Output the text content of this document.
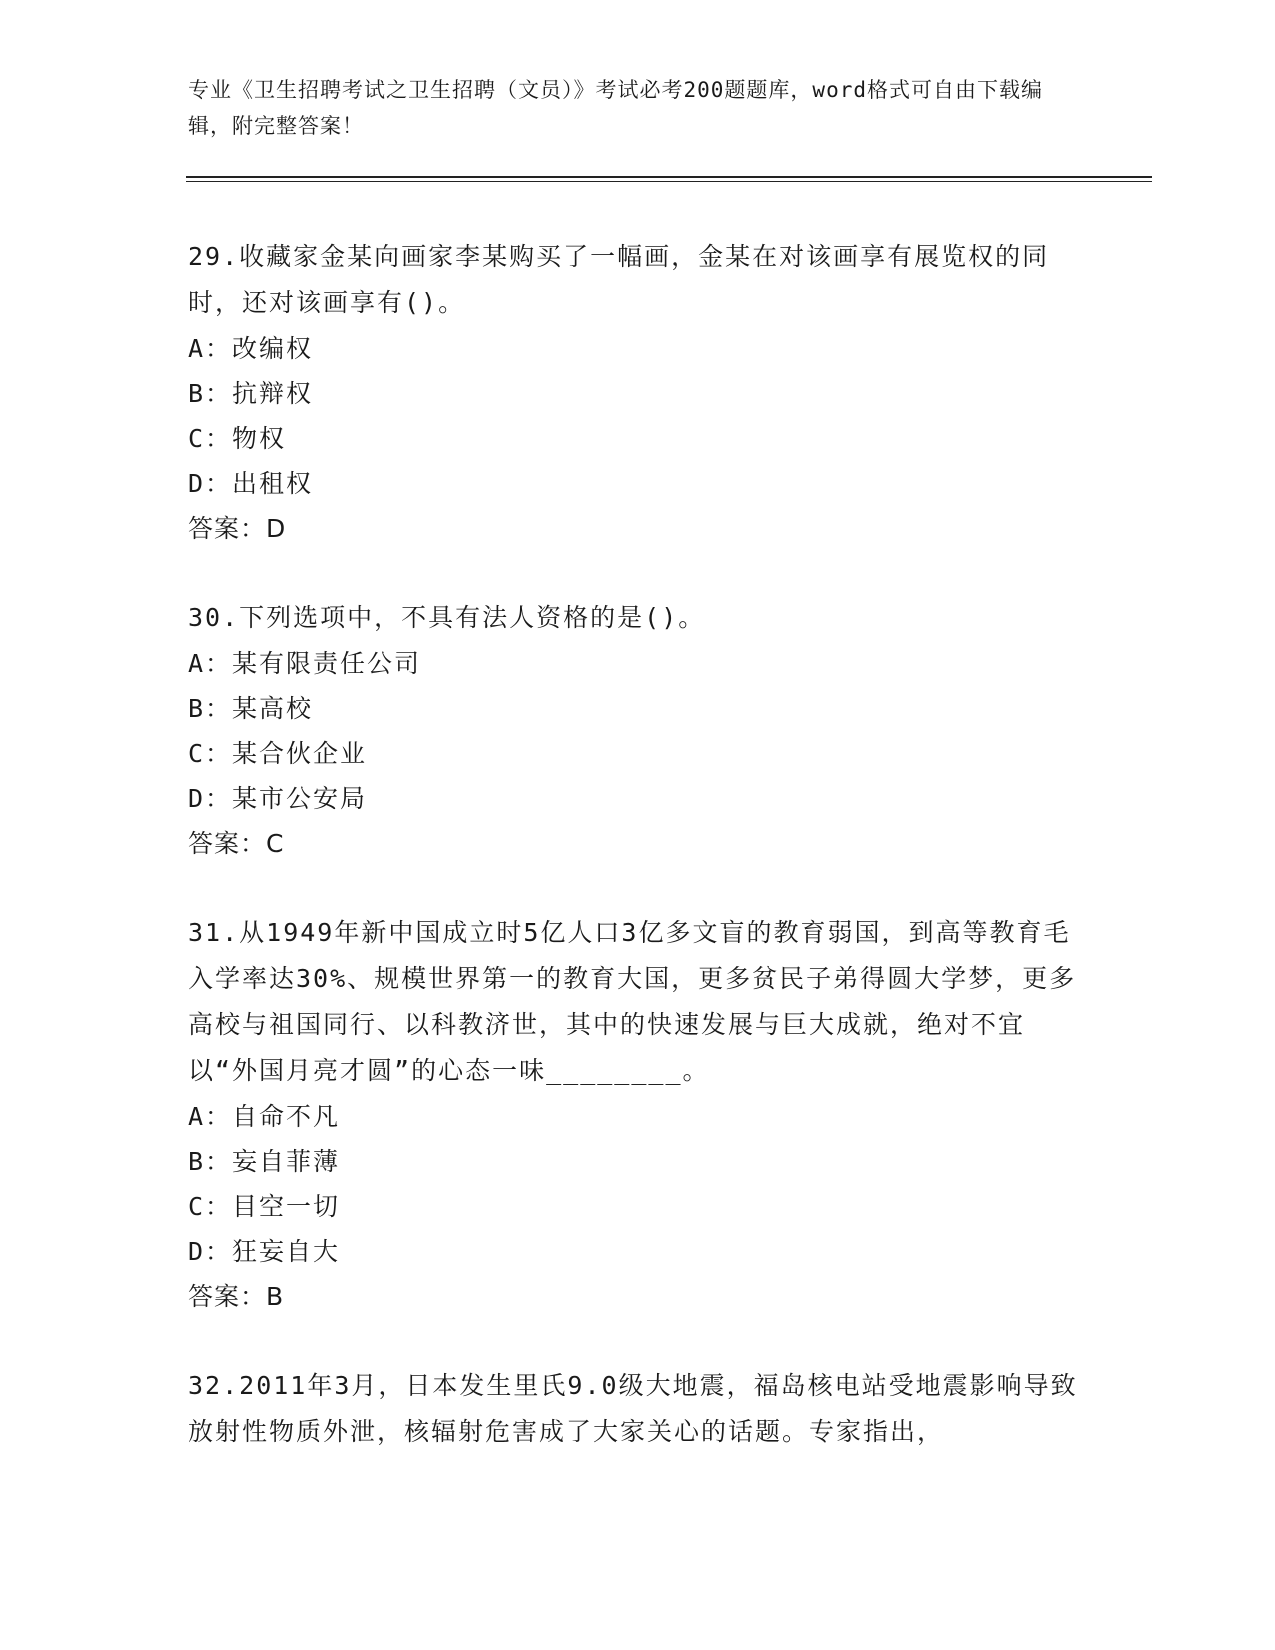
专业《卫生招聘考试之卫生招聘（文员）》考试必考200题题库，word格式可自由下载编辑，附完整答案！

29.收藏家金某向画家李某购买了一幅画，金某在对该画享有展览权的同时，还对该画享有()。

A：改编权

B：抗辩权

C：物权

D：出租权

答案：D

30.下列选项中，不具有法人资格的是()。

A：某有限责任公司

B：某高校

C：某合伙企业

D：某市公安局

答案：C

31.从1949年新中国成立时5亿人口3亿多文盲的教育弱国，到高等教育毛入学率达30%、规模世界第一的教育大国，更多贫民子弟得圆大学梦，更多高校与祖国同行、以科教济世，其中的快速发展与巨大成就，绝对不宜以“外国月亮才圆”的心态一味________。

A：自命不凡

B：妄自菲薄

C：目空一切

D：狂妄自大

答案：B

32.2011年3月，日本发生里氏9.0级大地震，福岛核电站受地震影响导致放射性物质外泄，核辐射危害成了大家关心的话题。专家指出，
